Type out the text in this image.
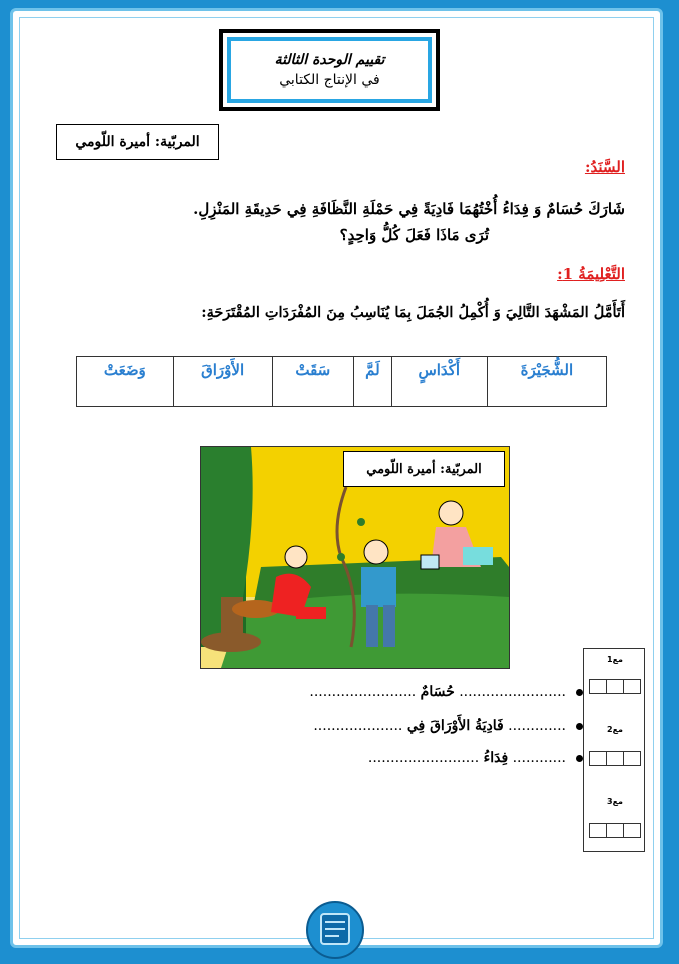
تقييم الوحدة الثالثة
في الإنتاج الكتابي
المربّية: أميرة اللّومي
السَّنَدُ:
شَارَكَ حُسَامٌ وَ فِدَاءُ أُخْتُهُمَا فَادِيَةً فِي حَمْلَةِ النَّظَافَةِ فِي حَدِيقَةِ المَنْزِلِ.
تُرَى مَاذَا فَعَلَ كُلُّ وَاحِدٍ؟
التَّعْلِيمَةُ 1:
أَتَأَمَّلُ المَشْهَدَ التَّالِيَ وَ أُكْمِلُ الجُمَلَ بِمَا يُنَاسِبُ مِنَ المُفْرَدَاتِ المُقْتَرَحَةِ:
الشُّجَيْرَةَ	أَكْدَاسٍ	لَمَّ	سَقَتْ	الأَوْرَاقَ	وَضَعَتْ
المربّية: أميرة اللّومي
........................ حُسَامٌ ........................
............. فَادِيَةُ الأَوْرَاقَ فِي ....................
............ فِدَاءُ .........................
مع1
مع2
مع3
